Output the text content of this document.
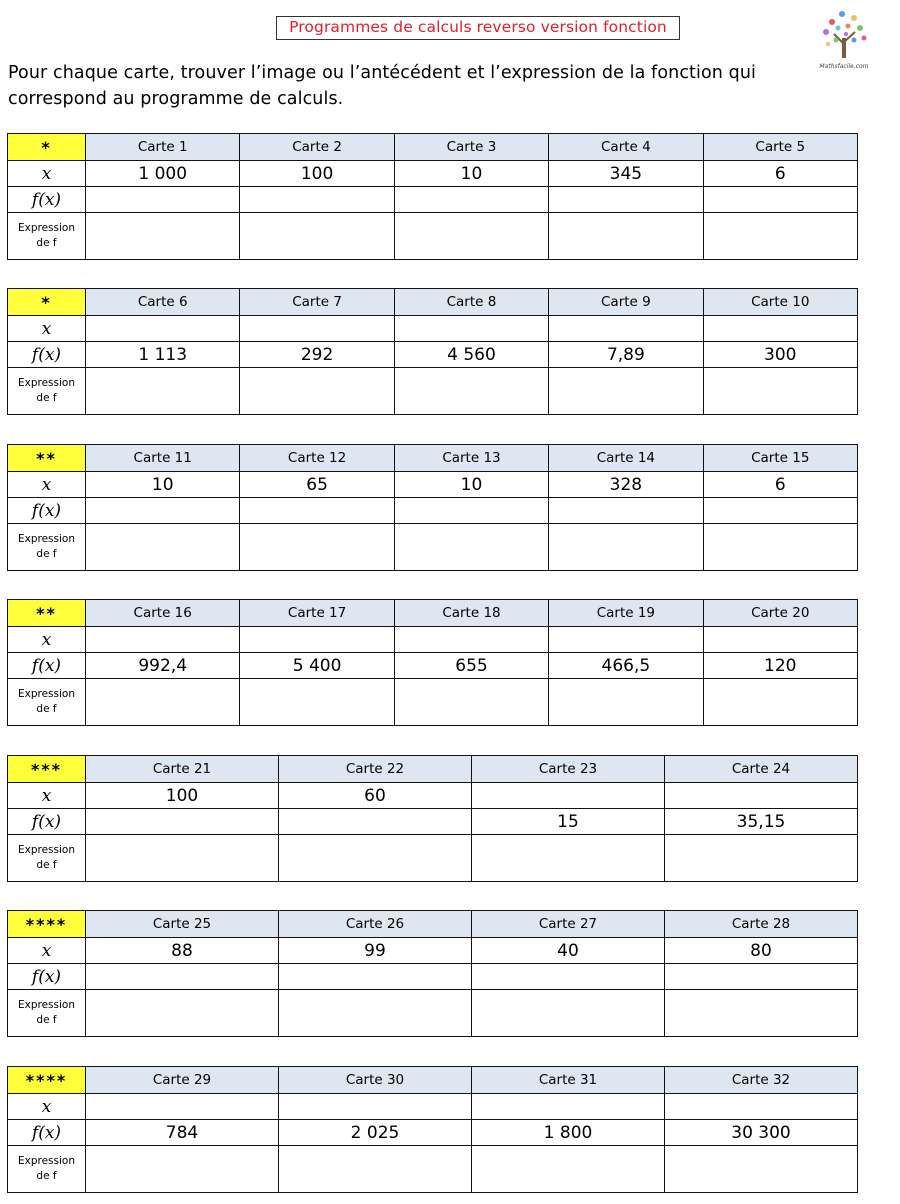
Programmes de calculs reverso version fonction
Mathsfacile.com
Pour chaque carte, trouver l’image ou l’antécédent et l’expression de la fonction qui
correspond au programme de calculs.
*	Carte 1	Carte 2	Carte 3	Carte 4	Carte 5
x	1 000	100	10	345	6
f(x)					
Expression
de f					
*	Carte 6	Carte 7	Carte 8	Carte 9	Carte 10
x					
f(x)	1 113	292	4 560	7,89	300
Expression
de f					
**	Carte 11	Carte 12	Carte 13	Carte 14	Carte 15
x	10	65	10	328	6
f(x)					
Expression
de f					
**	Carte 16	Carte 17	Carte 18	Carte 19	Carte 20
x					
f(x)	992,4	5 400	655	466,5	120
Expression
de f					
***	Carte 21	Carte 22	Carte 23	Carte 24
x	100	60		
f(x)			15	35,15
Expression
de f				
****	Carte 25	Carte 26	Carte 27	Carte 28
x	88	99	40	80
f(x)				
Expression
de f				
****	Carte 29	Carte 30	Carte 31	Carte 32
x				
f(x)	784	2 025	1 800	30 300
Expression
de f				
